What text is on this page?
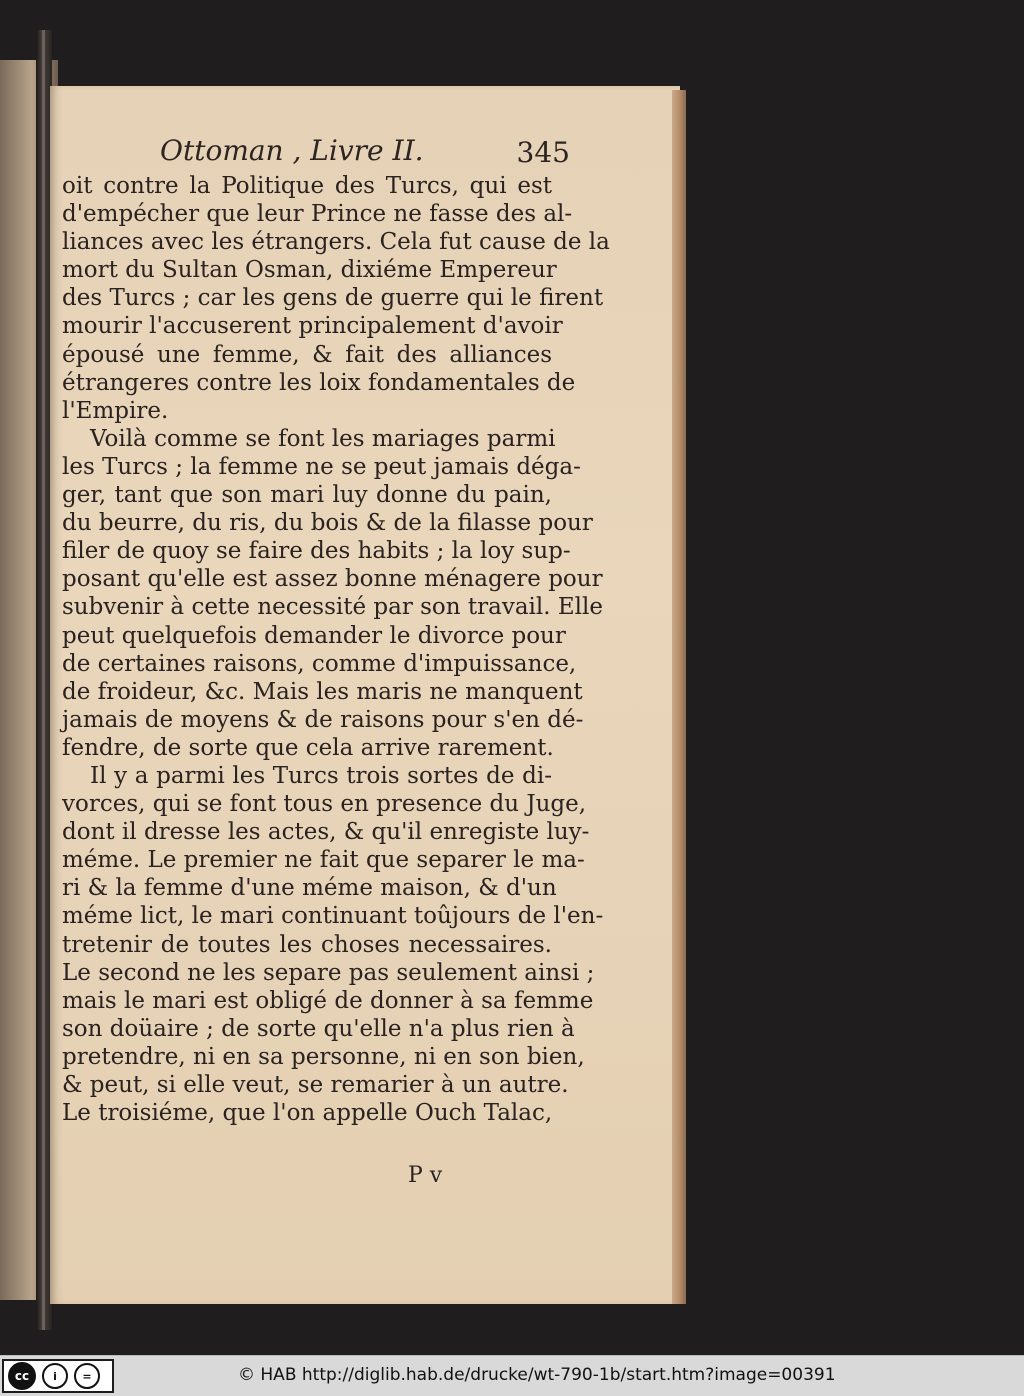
Ottoman , Livre II.	345
oit contre la Politique des Turcs, qui est
d'empécher que leur Prince ne fasse des al-
liances avec les étrangers. Cela fut cause de la
mort du Sultan Osman, dixiéme Empereur
des Turcs ; car les gens de guerre qui le firent
mourir l'accuserent principalement d'avoir
épousé une femme, & fait des alliances
étrangeres contre les loix fondamentales de
l'Empire.
Voilà comme se font les mariages parmi
les Turcs ; la femme ne se peut jamais déga-
ger, tant que son mari luy donne du pain,
du beurre, du ris, du bois & de la filasse pour
filer de quoy se faire des habits ; la loy sup-
posant qu'elle est assez bonne ménagere pour
subvenir à cette necessité par son travail. Elle
peut quelquefois demander le divorce pour
de certaines raisons, comme d'impuissance,
de froideur, &c. Mais les maris ne manquent
jamais de moyens & de raisons pour s'en dé-
fendre, de sorte que cela arrive rarement.
Il y a parmi les Turcs trois sortes de di-
vorces, qui se font tous en presence du Juge,
dont il dresse les actes, & qu'il enregiste luy-
méme. Le premier ne fait que separer le ma-
ri & la femme d'une méme maison, & d'un
méme lict, le mari continuant toûjours de l'en-
tretenir de toutes les choses necessaires.
Le second ne les separe pas seulement ainsi ;
mais le mari est obligé de donner à sa femme
son doüaire ; de sorte qu'elle n'a plus rien à
pretendre, ni en sa personne, ni en son bien,
& peut, si elle veut, se remarier à un autre.
Le troisiéme, que l'on appelle Ouch Talac,
P v
cc	i	=	© HAB http://diglib.hab.de/drucke/wt-790-1b/start.htm?image=00391
